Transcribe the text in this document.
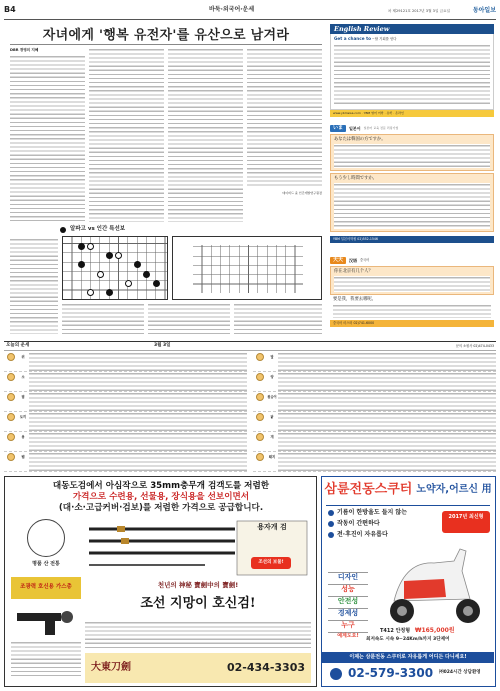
B4	바둑·외국어·운세	차 제29121호 2017년 3월 3일 금요일	동아일보
자녀에게 '행복 유전자'를 유산으로 남겨라
DBR 경영의 지혜
데이비드 윤 인간개발연구원장
English Review
Get a chance to ~할 기회를 얻다
www.ybmsisa.com · YBM 영어 어학 · 유학 · 온라인
いま	일본어 일본어 교육 전문 리딩기업
あなたは韓国の方ですか。
もう少し時間ですか。
YBM 일본어학원 02)552-1546
天天	汉语 중국어
你在北京有几个人？
要是我，我要去哪呢。
중국어 마스터 02)741-6000
알파고 vs 인간 특선보
오늘의 운세	3월 3일	문의 소원사 02)474-0433
쥐
소
범
토끼
용
뱀
말
양
원숭이
닭
개
돼지
대동도검에서 아심작으로 35mm충무개 검객도를 저렴한
가격으로 수련용, 선물용, 장식용을 선보이면서
(대·소·고급커버·검보)를 저렴한 가격으로 공급합니다.
명품 산 전통
조광력 호신용 가스총
용자개 검
조선의 보물!
천년의 神秘 寶劍中의 寶劍!
조선 지망이 호신검!
大東刀劍	02-434-3303
삼륜전동스쿠터 노약자,어르신 用
기름이 한방울도 들지 않는
작동이 간편하다
전·후진이 자유롭다
2017년 최신형
디자인
성능
안전성
경제성
누구
예계도요!
T412 안정형 ₩165,000원
최저속도 시속 9~24Km/h까지 3단제어
이제는 삼륜전동 스쿠터로 자유롭게 어디든 다니세요!
02-579-3300 ㈜024시간 상담환영
